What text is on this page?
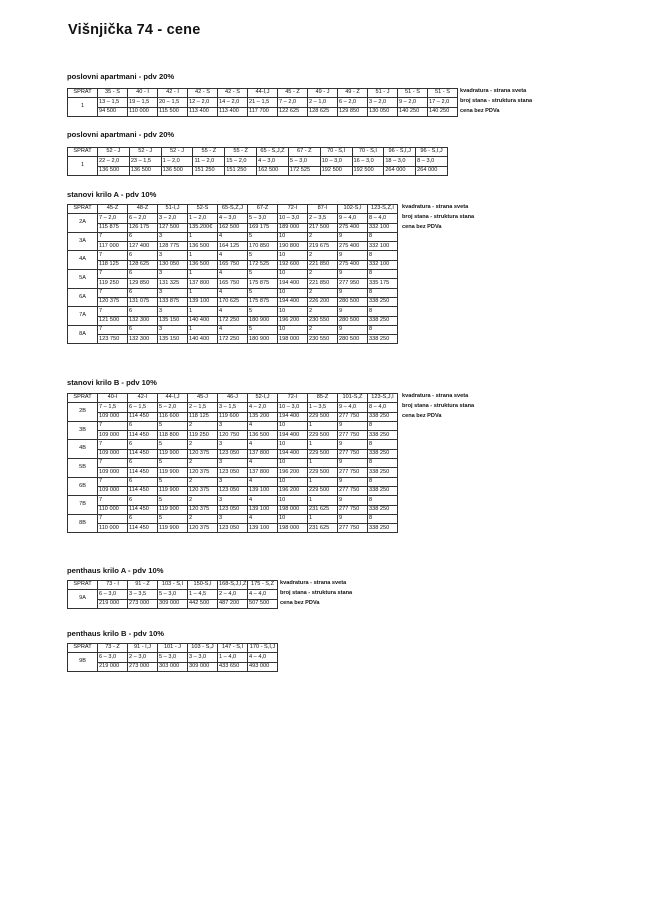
Višnjička 74 - cene
poslovni apartmani - pdv 20%
SPRAT	35 - S	40 - I	42 - I	42 - S	42 - S	44-I,J	45 - Z	49 - J	49 - Z	51 - J	51 - S	51 - S
1	13 – 1,5	19 – 1,5	20 – 1,5	12 – 2,0	14 – 2,0	21 – 1,5	7 – 2,0	2 – 1,0	6 – 2,0	3 – 2,0	9 – 2,0	17 – 2,0
	94 500	110 000	115 500	113 400	113 400	117 700	122 625	128 625	129 850	130 050	140 250	140 250
kvadratura - strana sveta
broj stana - struktura stana
cena bez PDVa
poslovni apartmani - pdv 20%
SPRAT	52 - J	52 - J	52 - J	55 - Z	55 - Z	65 - S,J,Z	67 - Z	70 - S,I	70 - S,I	96 - S,I,J	96 - S,I,J
1	22 – 2,0	23 – 1,5	1 – 2,0	11 – 2,0	15 – 2,0	4 – 3,0	5 – 3,0	10 – 3,0	16 – 3,0	18 – 3,0	8 – 3,0
	136 500	136 500	136 500	151 250	151 250	162 500	172 525	192 500	192 500	264 000	264 000
stanovi krilo A - pdv 10%
SPRAT	45-Z	48-Z	51-I,J	52-S	65-S,Z,J	67-Z	72-I	87-I	102-S,I	123-S,Z,I
2A	7 – 2,0	6 – 2,0	3 – 2,0	1 – 2,0	4 – 3,0	5 – 3,0	10 – 3,0	2 – 3,5	9 – 4,0	8 – 4,0
	115 875	126 175	127 500	135.200€	162 500	169 175	189 000	217 500	275 400	332 100
3A	7	6	3	1	4	5	10	2	9	8
	117 000	127 400	128 775	136 500	164 125	170 850	190 800	219 675	275 400	332 100
4A	7	6	3	1	4	5	10	2	9	8
	118 125	128 625	130 050	136 500	165 750	172 525	192 600	221 850	275 400	332 100
5A	7	6	3	1	4	5	10	2	9	8
	119 250	129 850	131 325	137 800	165 750	175 875	194 400	221 850	277 950	335 175
6A	7	6	3	1	4	5	10	2	9	8
	120 375	131 075	133 875	139 100	170 625	175 875	194 400	226 200	280 500	338 250
7A	7	6	3	1	4	5	10	2	9	8
	121 500	132 300	135 150	140 400	172 250	180 900	196 200	230 550	280 500	338 250
8A	7	6	3	1	4	5	10	2	9	8
	123 750	132 300	135 150	140 400	172 250	180 900	198 000	230 550	280 500	338 250
kvadratura - strana sveta
broj stana - struktura stana
cena bez PDVa
stanovi krilo B - pdv 10%
SPRAT	40-I	42-I	44-I,J	45-J	46-J	52-I,J	72-I	85-Z	101-S,Z	123-S,J,I
2B	7 – 1,5	6 – 1,5	5 – 2,0	2 – 1,5	3 – 1,5	4 – 2,0	10 – 3,0	1 – 3,5	9 – 4,0	8 – 4,0
	109 000	114 450	116 600	118 125	119 600	135 200	194 400	229 500	277 750	338 250
3B	7	6	5	2	3	4	10	1	9	8
	109 000	114 450	118 800	119 250	120 750	136 500	194 400	229 500	277 750	338 250
4B	7	6	5	2	3	4	10	1	9	8
	109 000	114 450	119 900	120 375	123 050	137 800	194 400	229 500	277 750	338 250
5B	7	6	5	2	3	4	10	1	9	8
	109 000	114 450	119 900	120 375	123 050	137 800	196 200	229 500	277 750	338 250
6B	7	6	5	2	3	4	10	1	9	8
	109 000	114 450	119 900	120 375	123 050	139 100	196 200	229 500	277 750	338 250
7B	7	6	5	2	3	4	10	1	9	8
	110 000	114 450	119 900	120 375	123 050	139 100	198 000	231 625	277 750	338 250
8B	7	6	5	2	3	4	10	1	9	8
	110 000	114 450	119 900	120 375	123 050	139 100	198 000	231 625	277 750	338 250
kvadratura - strana sveta
broj stana - struktura stana
cena bez PDVa
penthaus krilo A - pdv 10%
SPRAT	73 - I	91 - Z	103 - S,I	150-S,I	168-S,J,I,Z	175 - S,Z
9A	6 – 3,0	3 – 3,5	5 – 3,0	1 – 4,5	2 – 4,0	4 – 4,0
	219 000	273 000	309 000	442 500	487 200	507 500
kvadratura - strana sveta
broj stana - struktura stana
cena bez PDVa
penthaus krilo B - pdv 10%
SPRAT	73 - Z	91 - I,J	101 - J	103 - S,J	147 - S,I	170 - S,I,J
9B	6 – 3,0	2 – 3,0	5 – 3,0	3 – 3,0	1 – 4,0	4 – 4,0
	219 000	273 000	303 000	309 000	433 650	493 000
